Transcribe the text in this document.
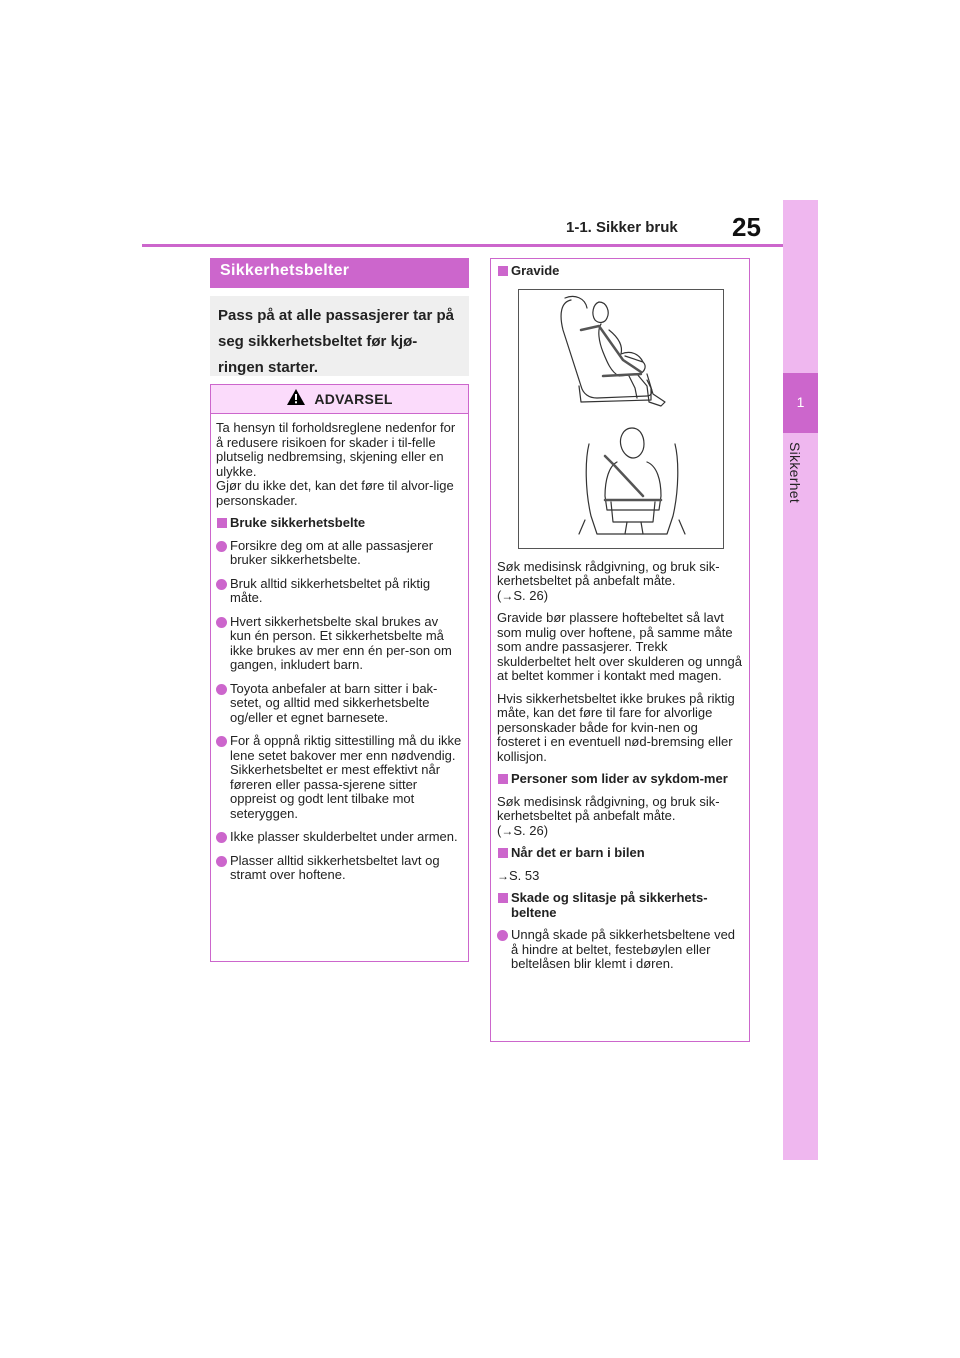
1
Sikkerhet
1-1. Sikker bruk 25
Sikkerhetsbelter
Pass på at alle passasjerer tar på seg sikkerhetsbeltet før kjø-ringen starter.
ADVARSEL

Ta hensyn til forholdsreglene nedenfor for å redusere risikoen for skader i til-felle plutselig nedbremsing, skjening eller en ulykke.
Gjør du ikke det, kan det føre til alvor-lige personskader.

Bruke sikkerhetsbelte
Forsikre deg om at alle passasjerer bruker sikkerhetsbelte.
Bruk alltid sikkerhetsbeltet på riktig måte.
Hvert sikkerhetsbelte skal brukes av kun én person. Et sikkerhetsbelte må ikke brukes av mer enn én per-son om gangen, inkludert barn.
Toyota anbefaler at barn sitter i bak-setet, og alltid med sikkerhetsbelte og/eller et egnet barnesete.
For å oppnå riktig sittestilling må du ikke lene setet bakover mer enn nødvendig. Sikkerhetsbeltet er mest effektivt når føreren eller passa-sjerene sitter oppreist og godt lent tilbake mot seteryggen.
Ikke plasser skulderbeltet under armen.
Plasser alltid sikkerhetsbeltet lavt og stramt over hoftene.
Gravide

Søk medisinsk rådgivning, og bruk sik-kerhetsbeltet på anbefalt måte.
(→S. 26)

Gravide bør plassere hoftebeltet så lavt som mulig over hoftene, på samme måte som andre passasjerer. Trekk skulderbeltet helt over skulderen og unngå at beltet kommer i kontakt med magen.

Hvis sikkerhetsbeltet ikke brukes på riktig måte, kan det føre til fare for alvorlige personskader både for kvin-nen og fosteret i en eventuell nød-bremsing eller kollisjon.

Personer som lider av sykdom-mer

Søk medisinsk rådgivning, og bruk sik-kerhetsbeltet på anbefalt måte.
(→S. 26)

Når det er barn i bilen

→S. 53

Skade og slitasje på sikkerhets-beltene
Unngå skade på sikkerhetsbeltene ved å hindre at beltet, festebøylen eller beltelåsen blir klemt i døren.
